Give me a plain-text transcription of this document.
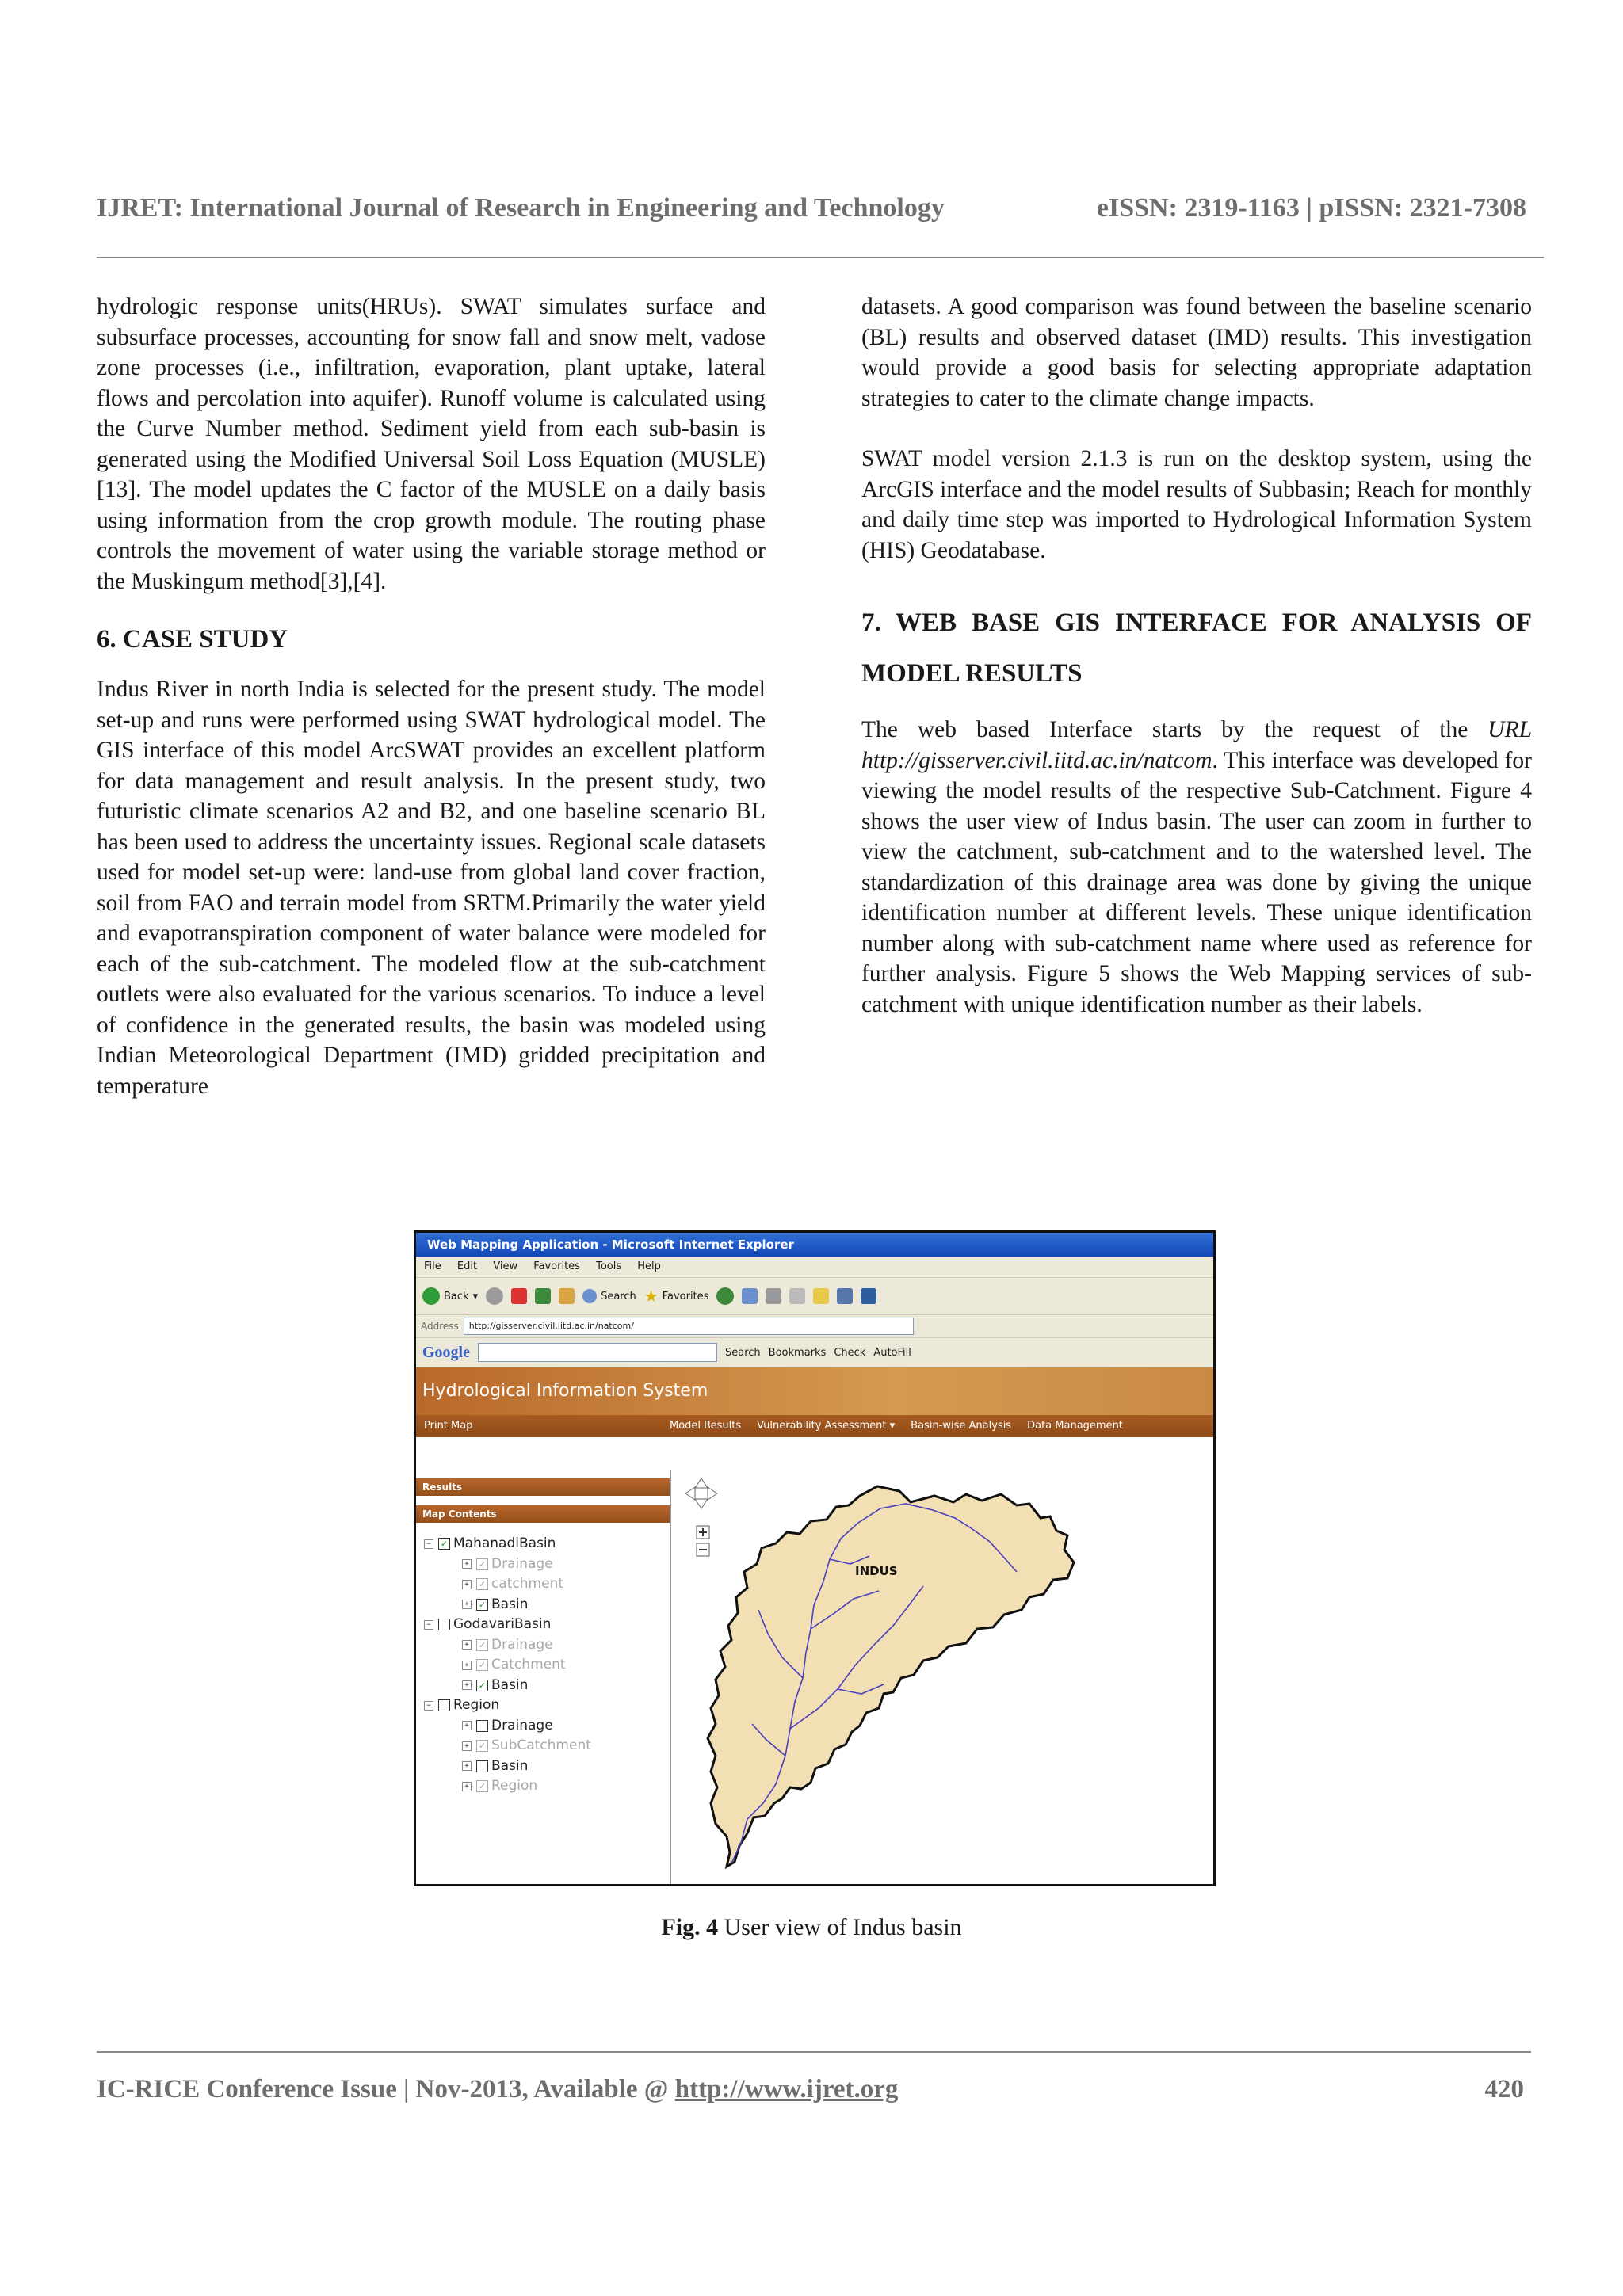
IJRET: International Journal of Research in Engineering and Technology	eISSN: 2319-1163 | pISSN: 2321-7308

hydrologic response units(HRUs). SWAT simulates surface and subsurface processes, accounting for snow fall and snow melt, vadose zone processes (i.e., infiltration, evaporation, plant uptake, lateral flows and percolation into aquifer). Runoff volume is calculated using the Curve Number method. Sediment yield from each sub-basin is generated using the Modified Universal Soil Loss Equation (MUSLE) [13]. The model updates the C factor of the MUSLE on a daily basis using information from the crop growth module. The routing phase controls the movement of water using the variable storage method or the Muskingum method[3],[4].

6. CASE STUDY

Indus River in north India is selected for the present study. The model set-up and runs were performed using SWAT hydrological model. The GIS interface of this model ArcSWAT provides an excellent platform for data management and result analysis. In the present study, two futuristic climate scenarios A2 and B2, and one baseline scenario BL has been used to address the uncertainty issues. Regional scale datasets used for model set-up were: land-use from global land cover fraction, soil from FAO and terrain model from SRTM.Primarily the water yield and evapotranspiration component of water balance were modeled for each of the sub-catchment. The modeled flow at the sub-catchment outlets were also evaluated for the various scenarios. To induce a level of confidence in the generated results, the basin was modeled using Indian Meteorological Department (IMD) gridded precipitation and temperature

datasets. A good comparison was found between the baseline scenario (BL) results and observed dataset (IMD) results. This investigation would provide a good basis for selecting appropriate adaptation strategies to cater to the climate change impacts.

SWAT model version 2.1.3 is run on the desktop system, using the ArcGIS interface and the model results of Subbasin; Reach for monthly and daily time step was imported to Hydrological Information System (HIS) Geodatabase.

7. WEB BASE GIS INTERFACE FOR ANALYSIS OF MODEL RESULTS

The web based Interface starts by the request of the URL http://gisserver.civil.iitd.ac.in/natcom. This interface was developed for viewing the model results of the respective Sub-Catchment. Figure 4 shows the user view of Indus basin. The user can zoom in further to view the catchment, sub-catchment and to the watershed level. The standardization of this drainage area was done by giving the unique identification number at different levels. These unique identification number along with sub-catchment name where used as reference for further analysis. Figure 5 shows the Web Mapping services of sub-catchment with unique identification number as their labels.

Web Mapping Application - Microsoft Internet Explorer
File Edit View Favorites Tools Help
Back ▾	Search ★ Favorites
Address	http://gisserver.civil.iitd.ac.in/natcom/
Google	Search Bookmarks Check AutoFill
Hydrological Information System
Print Map	Model Results Vulnerability Assessment ▾ Basin-wise Analysis Data Management
Results
Map Contents
− ✓ MahanadiBasin
+ ✓ Drainage
+ ✓ catchment
+ ✓ Basin
− GodavariBasin
+ ✓ Drainage
+ ✓ Catchment
+ ✓ Basin
− Region
+ Drainage
+ ✓ SubCatchment
+ Basin
+ ✓ Region
INDUS
Fig. 4 User view of Indus basin
IC-RICE Conference Issue | Nov-2013, Available @ http://www.ijret.org	420
